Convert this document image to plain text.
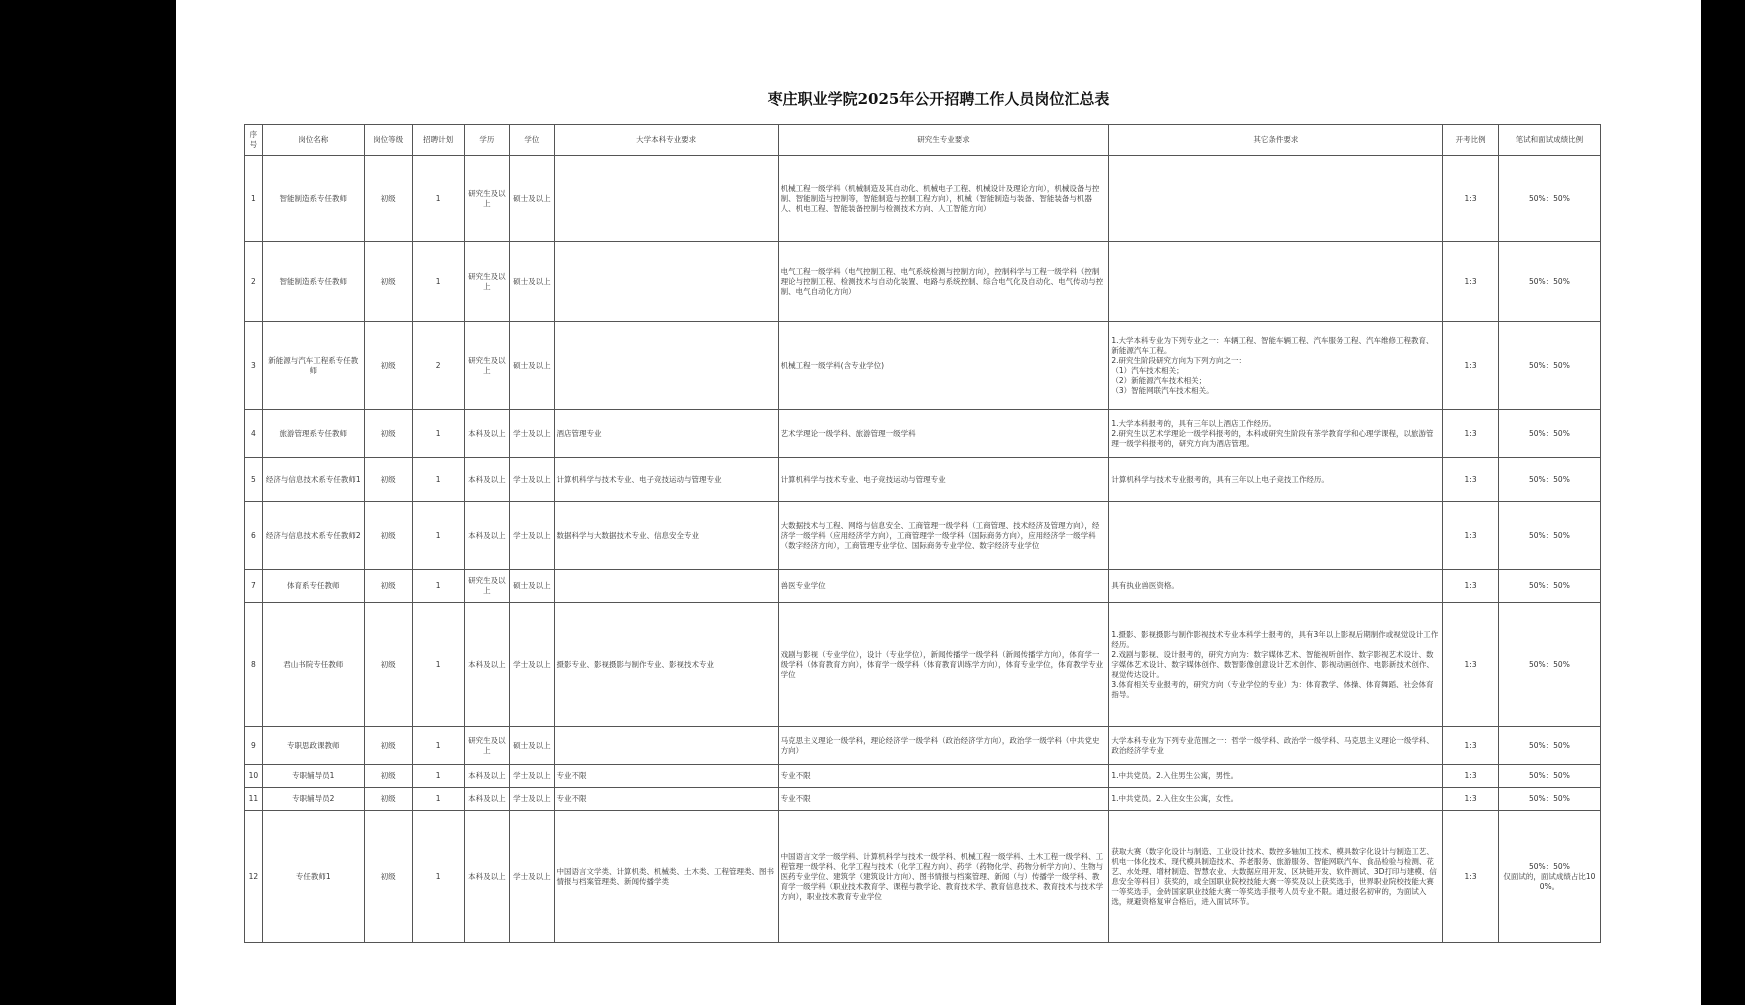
枣庄职业学院2025年公开招聘工作人员岗位汇总表
序号	岗位名称	岗位等级	招聘计划	学历	学位	大学本科专业要求	研究生专业要求	其它条件要求	开考比例	笔试和面试成绩比例
1	智能制造系专任教师	初级	1	研究生及以上	硕士及以上		机械工程一级学科（机械制造及其自动化、机械电子工程、机械设计及理论方向），机械设备与控制、智能制造与控制等，智能制造与控制工程方向），机械（智能制造与装备、智能装备与机器人、机电工程、智能装备控制与检测技术方向、人工智能方向）		1:3	50%：50%
2	智能制造系专任教师	初级	1	研究生及以上	硕士及以上		电气工程一级学科（电气控制工程、电气系统检测与控制方向），控制科学与工程一级学科（控制理论与控制工程、检测技术与自动化装置、电路与系统控制、综合电气化及自动化、电气传动与控制、电气自动化方向）		1:3	50%：50%
3	新能源与汽车工程系专任教师	初级	2	研究生及以上	硕士及以上		机械工程一级学科(含专业学位)	1.大学本科专业为下列专业之一：车辆工程、智能车辆工程、汽车服务工程、汽车维修工程教育、新能源汽车工程。
2.研究生阶段研究方向为下列方向之一：
（1）汽车技术相关；
（2）新能源汽车技术相关；
（3）智能网联汽车技术相关。	1:3	50%：50%
4	旅游管理系专任教师	初级	1	本科及以上	学士及以上	酒店管理专业	艺术学理论一级学科、旅游管理一级学科	1.大学本科报考的，具有三年以上酒店工作经历。
2.研究生以艺术学理论一级学科报考的，本科或研究生阶段有茶学教育学和心理学课程，以旅游管理一级学科报考的，研究方向为酒店管理。	1:3	50%：50%
5	经济与信息技术系专任教师1	初级	1	本科及以上	学士及以上	计算机科学与技术专业、电子竞技运动与管理专业	计算机科学与技术专业、电子竞技运动与管理专业	计算机科学与技术专业报考的，具有三年以上电子竞技工作经历。	1:3	50%：50%
6	经济与信息技术系专任教师2	初级	1	本科及以上	学士及以上	数据科学与大数据技术专业、信息安全专业	大数据技术与工程、网络与信息安全、工商管理一级学科（工商管理、技术经济及管理方向），经济学一级学科（应用经济学方向），工商管理学一级学科（国际商务方向），应用经济学一级学科（数字经济方向），工商管理专业学位、国际商务专业学位、数字经济专业学位		1:3	50%：50%
7	体育系专任教师	初级	1	研究生及以上	硕士及以上		兽医专业学位	具有执业兽医资格。	1:3	50%：50%
8	君山书院专任教师	初级	1	本科及以上	学士及以上	摄影专业、影视摄影与制作专业、影视技术专业	戏剧与影视（专业学位），设计（专业学位），新闻传播学一级学科（新闻传播学方向），体育学一级学科（体育教育方向），体育学一级学科（体育教育训练学方向），体育专业学位，体育教学专业学位	1.摄影、影视摄影与制作影视技术专业本科学士报考的，具有3年以上影视后期制作或视觉设计工作经历。
2.戏剧与影视、设计报考的，研究方向为：数字媒体艺术、智能视听创作、数字影视艺术设计、数字媒体艺术设计、数字媒体创作、数智影像创意设计艺术创作、影视动画创作、电影新技术创作、视觉传达设计。
3.体育相关专业报考的，研究方向（专业学位的专业）为：体育教学、体操、体育舞蹈、社会体育指导。	1:3	50%：50%
9	专职思政课教师	初级	1	研究生及以上	硕士及以上		马克思主义理论一级学科，理论经济学一级学科（政治经济学方向），政治学一级学科（中共党史方向）	大学本科专业为下列专业范围之一：哲学一级学科、政治学一级学科、马克思主义理论一级学科、政治经济学专业	1:3	50%：50%
10	专职辅导员1	初级	1	本科及以上	学士及以上	专业不限	专业不限	1.中共党员。2.入住男生公寓，男性。	1:3	50%：50%
11	专职辅导员2	初级	1	本科及以上	学士及以上	专业不限	专业不限	1.中共党员。2.入住女生公寓，女性。	1:3	50%：50%
12	专任教师1	初级	1	本科及以上	学士及以上	中国语言文学类、计算机类、机械类、土木类、工程管理类、图书情报与档案管理类、新闻传播学类	中国语言文学一级学科、计算机科学与技术一级学科、机械工程一级学科、土木工程一级学科、工程管理一级学科、化学工程与技术（化学工程方向）、药学（药物化学、药物分析学方向）、生物与医药专业学位、建筑学（建筑设计方向）、图书情报与档案管理、新闻（与）传播学一级学科、教育学一级学科（职业技术教育学、课程与教学论、教育技术学、教育信息技术、教育技术与技术学方向），职业技术教育专业学位	获取大赛（数字化设计与制造、工业设计技术、数控多轴加工技术、模具数字化设计与制造工艺、机电一体化技术、现代模具制造技术、养老服务、旅游服务、智能网联汽车、食品检验与检测、花艺、水处理、增材制造、智慧农业、大数据应用开发、区块链开发、软件测试、3D打印与建模、信息安全等科目）获奖的，或全国职业院校技能大赛一等奖及以上获奖选手，世界职业院校技能大赛一等奖选手，金砖国家职业技能大赛一等奖选手报考人员专业不限。通过报名初审的，为面试入选，规避资格复审合格后，进入面试环节。	1:3	50%：50%
仅面试的，面试成绩占比100%。
